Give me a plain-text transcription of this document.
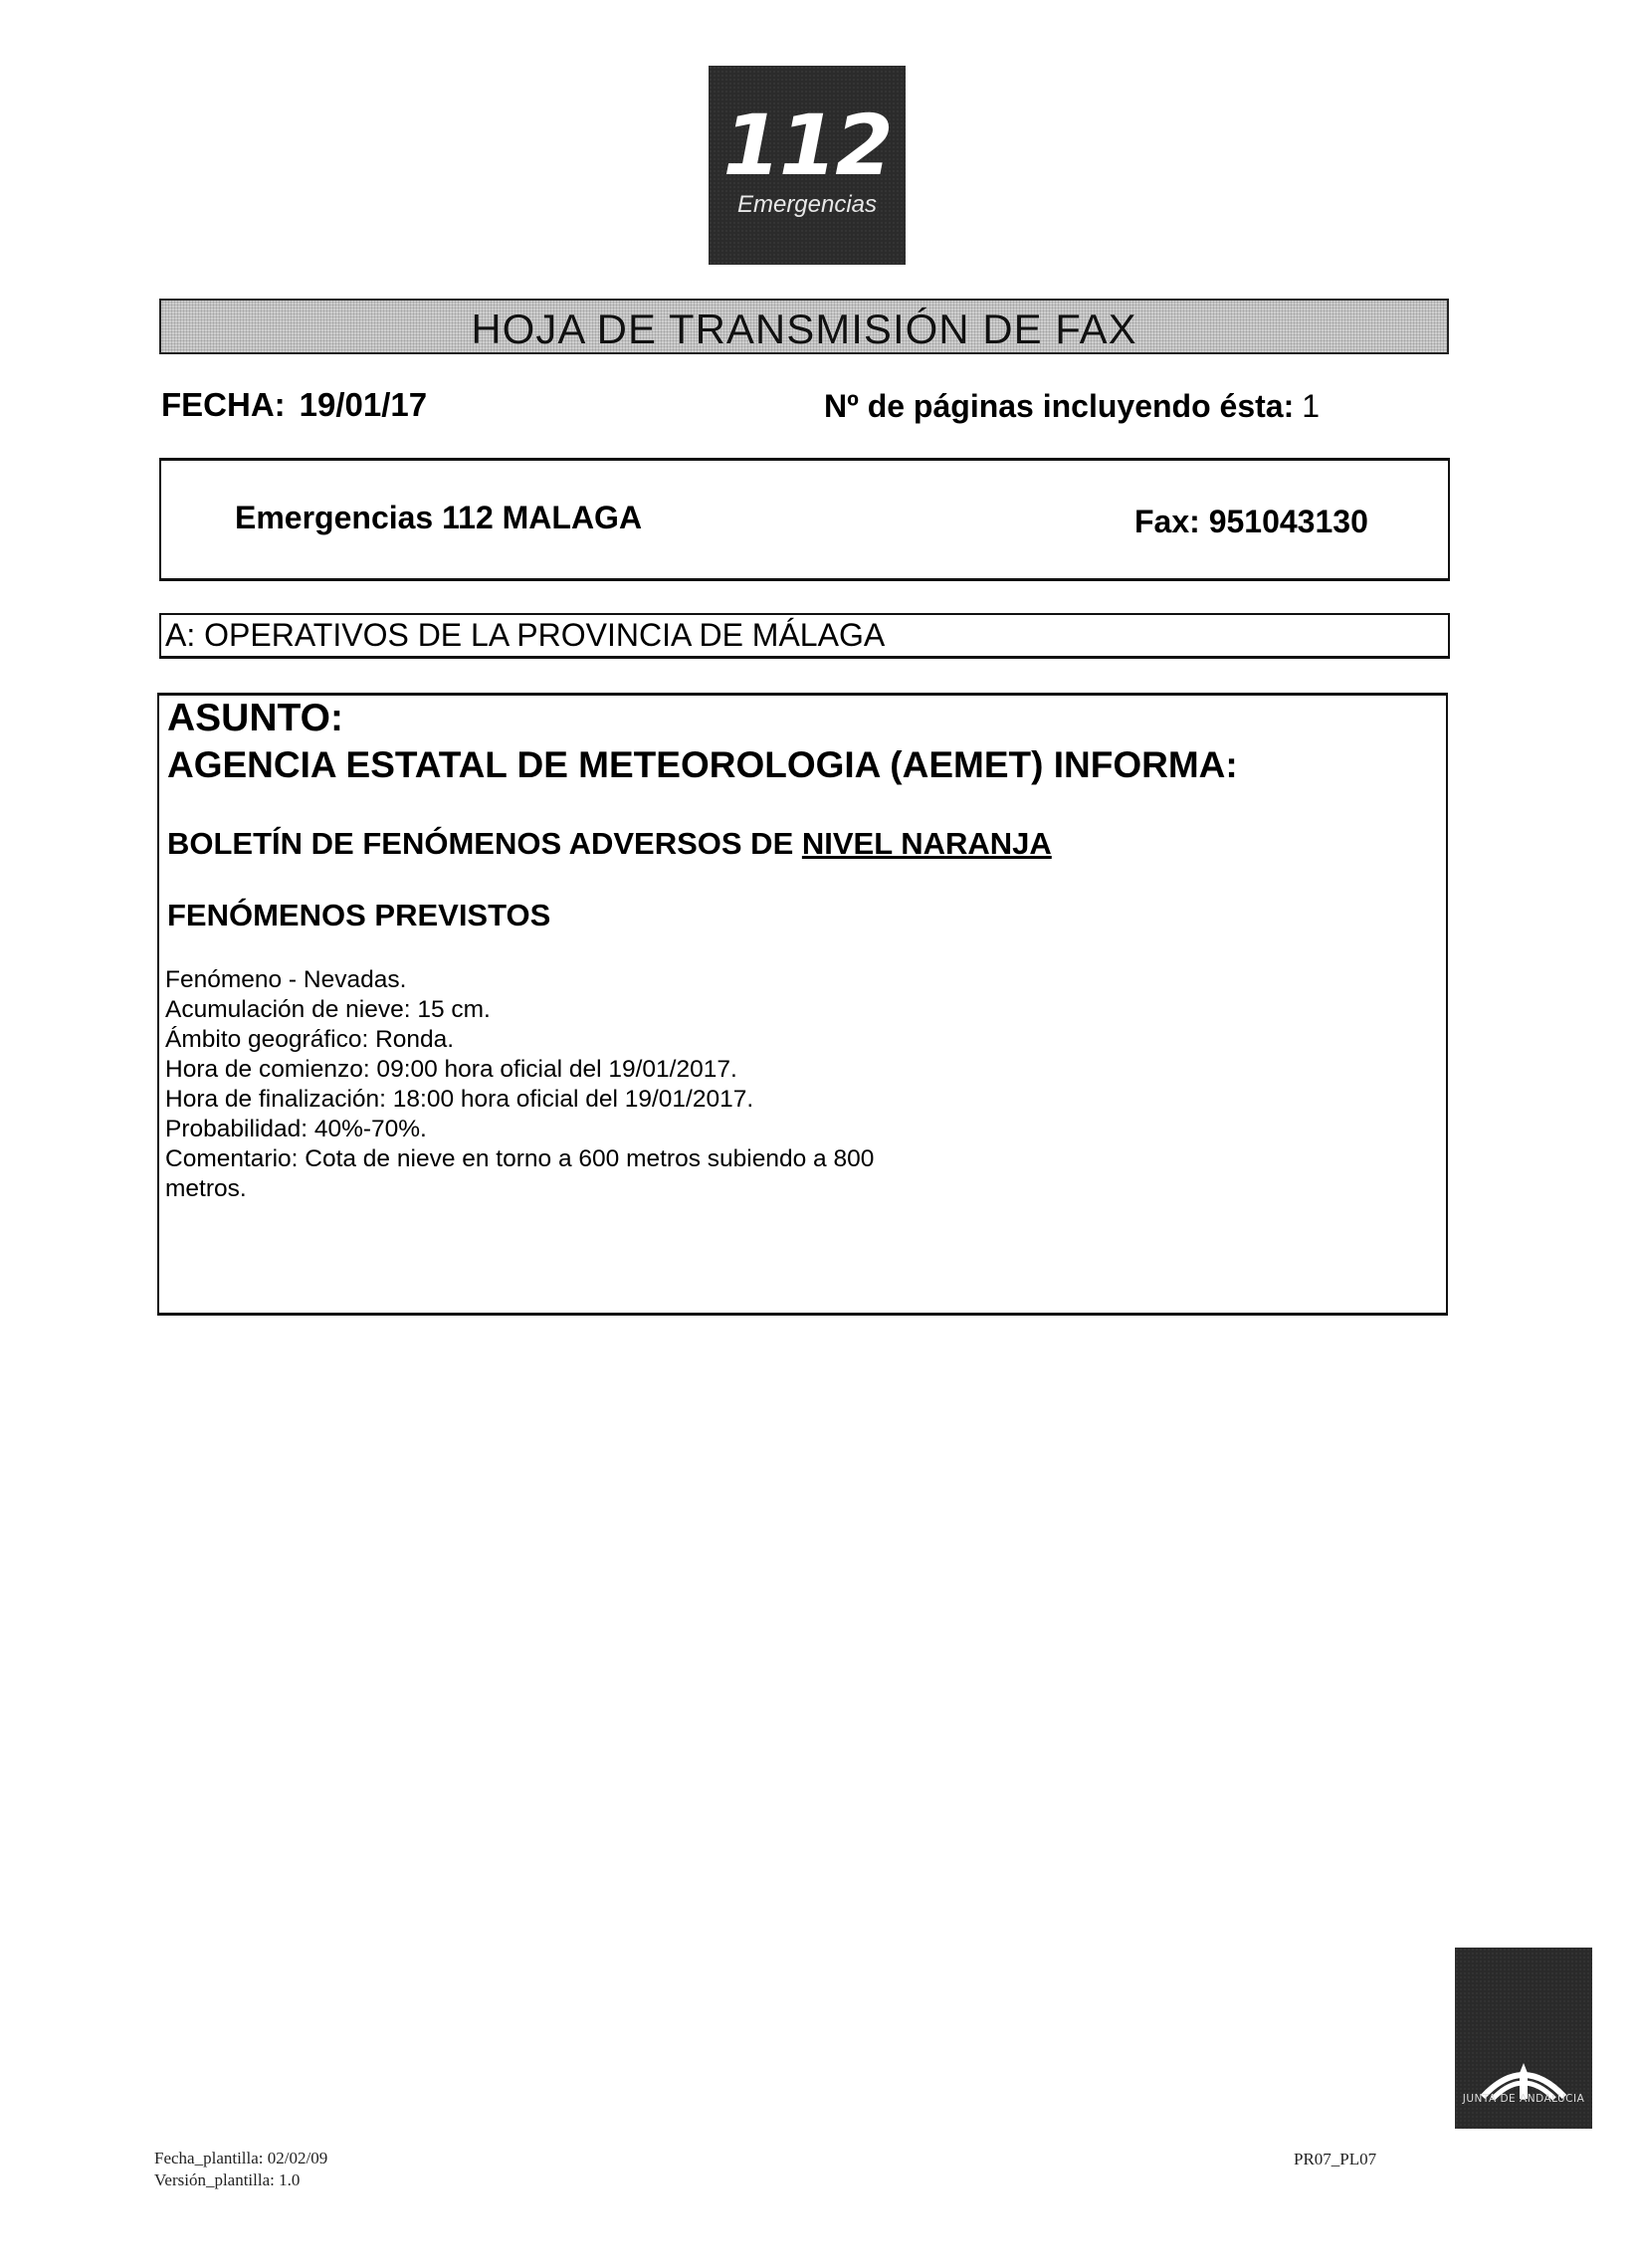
112
Emergencias
HOJA DE TRANSMISIÓN DE FAX
FECHA: 19/01/17	Nº de páginas incluyendo ésta: 1
Emergencias 112 MALAGA	Fax: 951043130
A: OPERATIVOS DE LA PROVINCIA DE MÁLAGA
ASUNTO:
AGENCIA ESTATAL DE METEOROLOGIA (AEMET) INFORMA:
BOLETÍN DE FENÓMENOS ADVERSOS DE NIVEL NARANJA
FENÓMENOS PREVISTOS
Fenómeno - Nevadas.
Acumulación de nieve: 15 cm.
Ámbito geográfico: Ronda.
Hora de comienzo: 09:00 hora oficial del 19/01/2017.
Hora de finalización: 18:00 hora oficial del 19/01/2017.
Probabilidad: 40%-70%.
Comentario: Cota de nieve en torno a 600 metros subiendo a 800
metros.
Fecha_plantilla: 02/02/09
Versión_plantilla: 1.0
PR07_PL07
JUNTA DE ANDALUCIA
